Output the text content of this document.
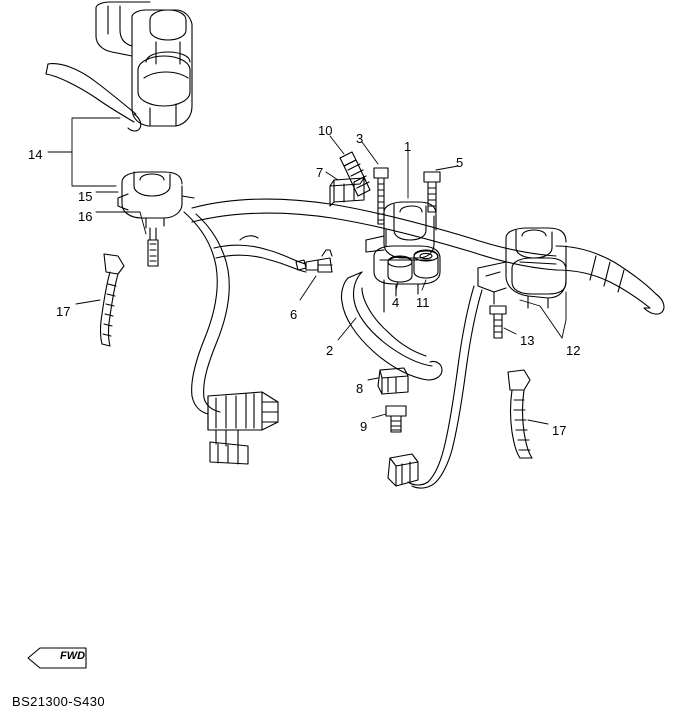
FWD
14
15
16
17
17
10
3
1
5
7
6
4 11
2
8
9
13
12
BS21300-S430
